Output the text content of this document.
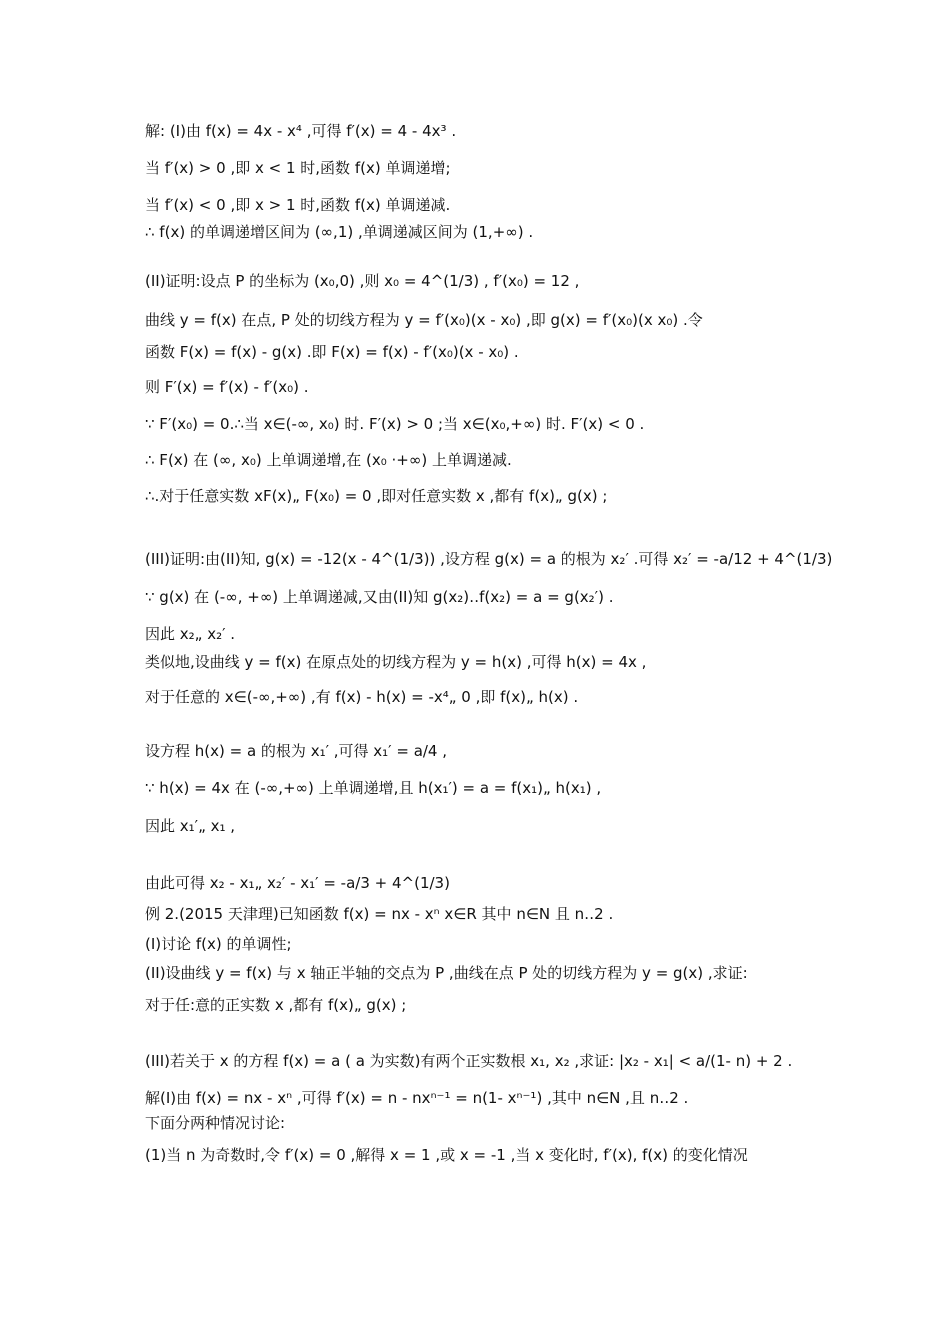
解: (I)由 f(x) = 4x - x⁴ ,可得 f′(x) = 4 - 4x³ .
当 f′(x) > 0 ,即 x < 1 时,函数 f(x) 单调递增;
当 f′(x) < 0 ,即 x > 1 时,函数 f(x) 单调递减.
∴ f(x) 的单调递增区间为 (∞,1) ,单调递减区间为 (1,+∞) .
(II)证明:设点 P 的坐标为 (x₀,0) ,则 x₀ = 4^(1/3) , f′(x₀) = 12 ,
曲线 y = f(x) 在点, P 处的切线方程为 y = f′(x₀)(x - x₀) ,即 g(x) = f′(x₀)(x x₀) .令
函数 F(x) = f(x) - g(x) .即 F(x) = f(x) - f′(x₀)(x - x₀) .
则 F′(x) = f′(x) - f′(x₀) .
∵ F′(x₀) = 0.∴当 x∈(-∞, x₀) 时. F′(x) > 0 ;当 x∈(x₀,+∞) 时. F′(x) < 0 .
∴ F(x) 在 (∞, x₀) 上单调递增,在 (x₀ ·+∞) 上单调递减.
∴.对于任意实数 xF(x)„ F(x₀) = 0 ,即对任意实数 x ,都有 f(x)„ g(x) ;
(III)证明:由(II)知, g(x) = -12(x - 4^(1/3)) ,设方程 g(x) = a 的根为 x₂′ .可得 x₂′ = -a/12 + 4^(1/3)
∵ g(x) 在 (-∞, +∞) 上单调递减,又由(II)知 g(x₂)‥f(x₂) = a = g(x₂′) .
因此 x₂„ x₂′ .
类似地,设曲线 y = f(x) 在原点处的切线方程为 y = h(x) ,可得 h(x) = 4x ,
对于任意的 x∈(-∞,+∞) ,有 f(x) - h(x) = -x⁴„ 0 ,即 f(x)„ h(x) .
设方程 h(x) = a 的根为 x₁′ ,可得 x₁′ = a/4 ,
∵ h(x) = 4x 在 (-∞,+∞) 上单调递增,且 h(x₁′) = a = f(x₁)„ h(x₁) ,
因此 x₁′„ x₁ ,
由此可得 x₂ - x₁„ x₂′ - x₁′ = -a/3 + 4^(1/3)
例 2.(2015 天津理)已知函数 f(x) = nx - xⁿ x∈R 其中 n∈N 且 n‥2 .
(I)讨论 f(x) 的单调性;
(II)设曲线 y = f(x) 与 x 轴正半轴的交点为 P ,曲线在点 P 处的切线方程为 y = g(x) ,求证:
对于任:意的正实数 x ,都有 f(x)„ g(x) ;
(III)若关于 x 的方程 f(x) = a ( a 为实数)有两个正实数根 x₁, x₂ ,求证: |x₂ - x₁| < a/(1- n) + 2 .
解(I)由 f(x) = nx - xⁿ ,可得 f′(x) = n - nxⁿ⁻¹ = n(1- xⁿ⁻¹) ,其中 n∈N ,且 n‥2 .
下面分两种情况讨论:
(1)当 n 为奇数时,令 f′(x) = 0 ,解得 x = 1 ,或 x = -1 ,当 x 变化时, f′(x), f(x) 的变化情况
